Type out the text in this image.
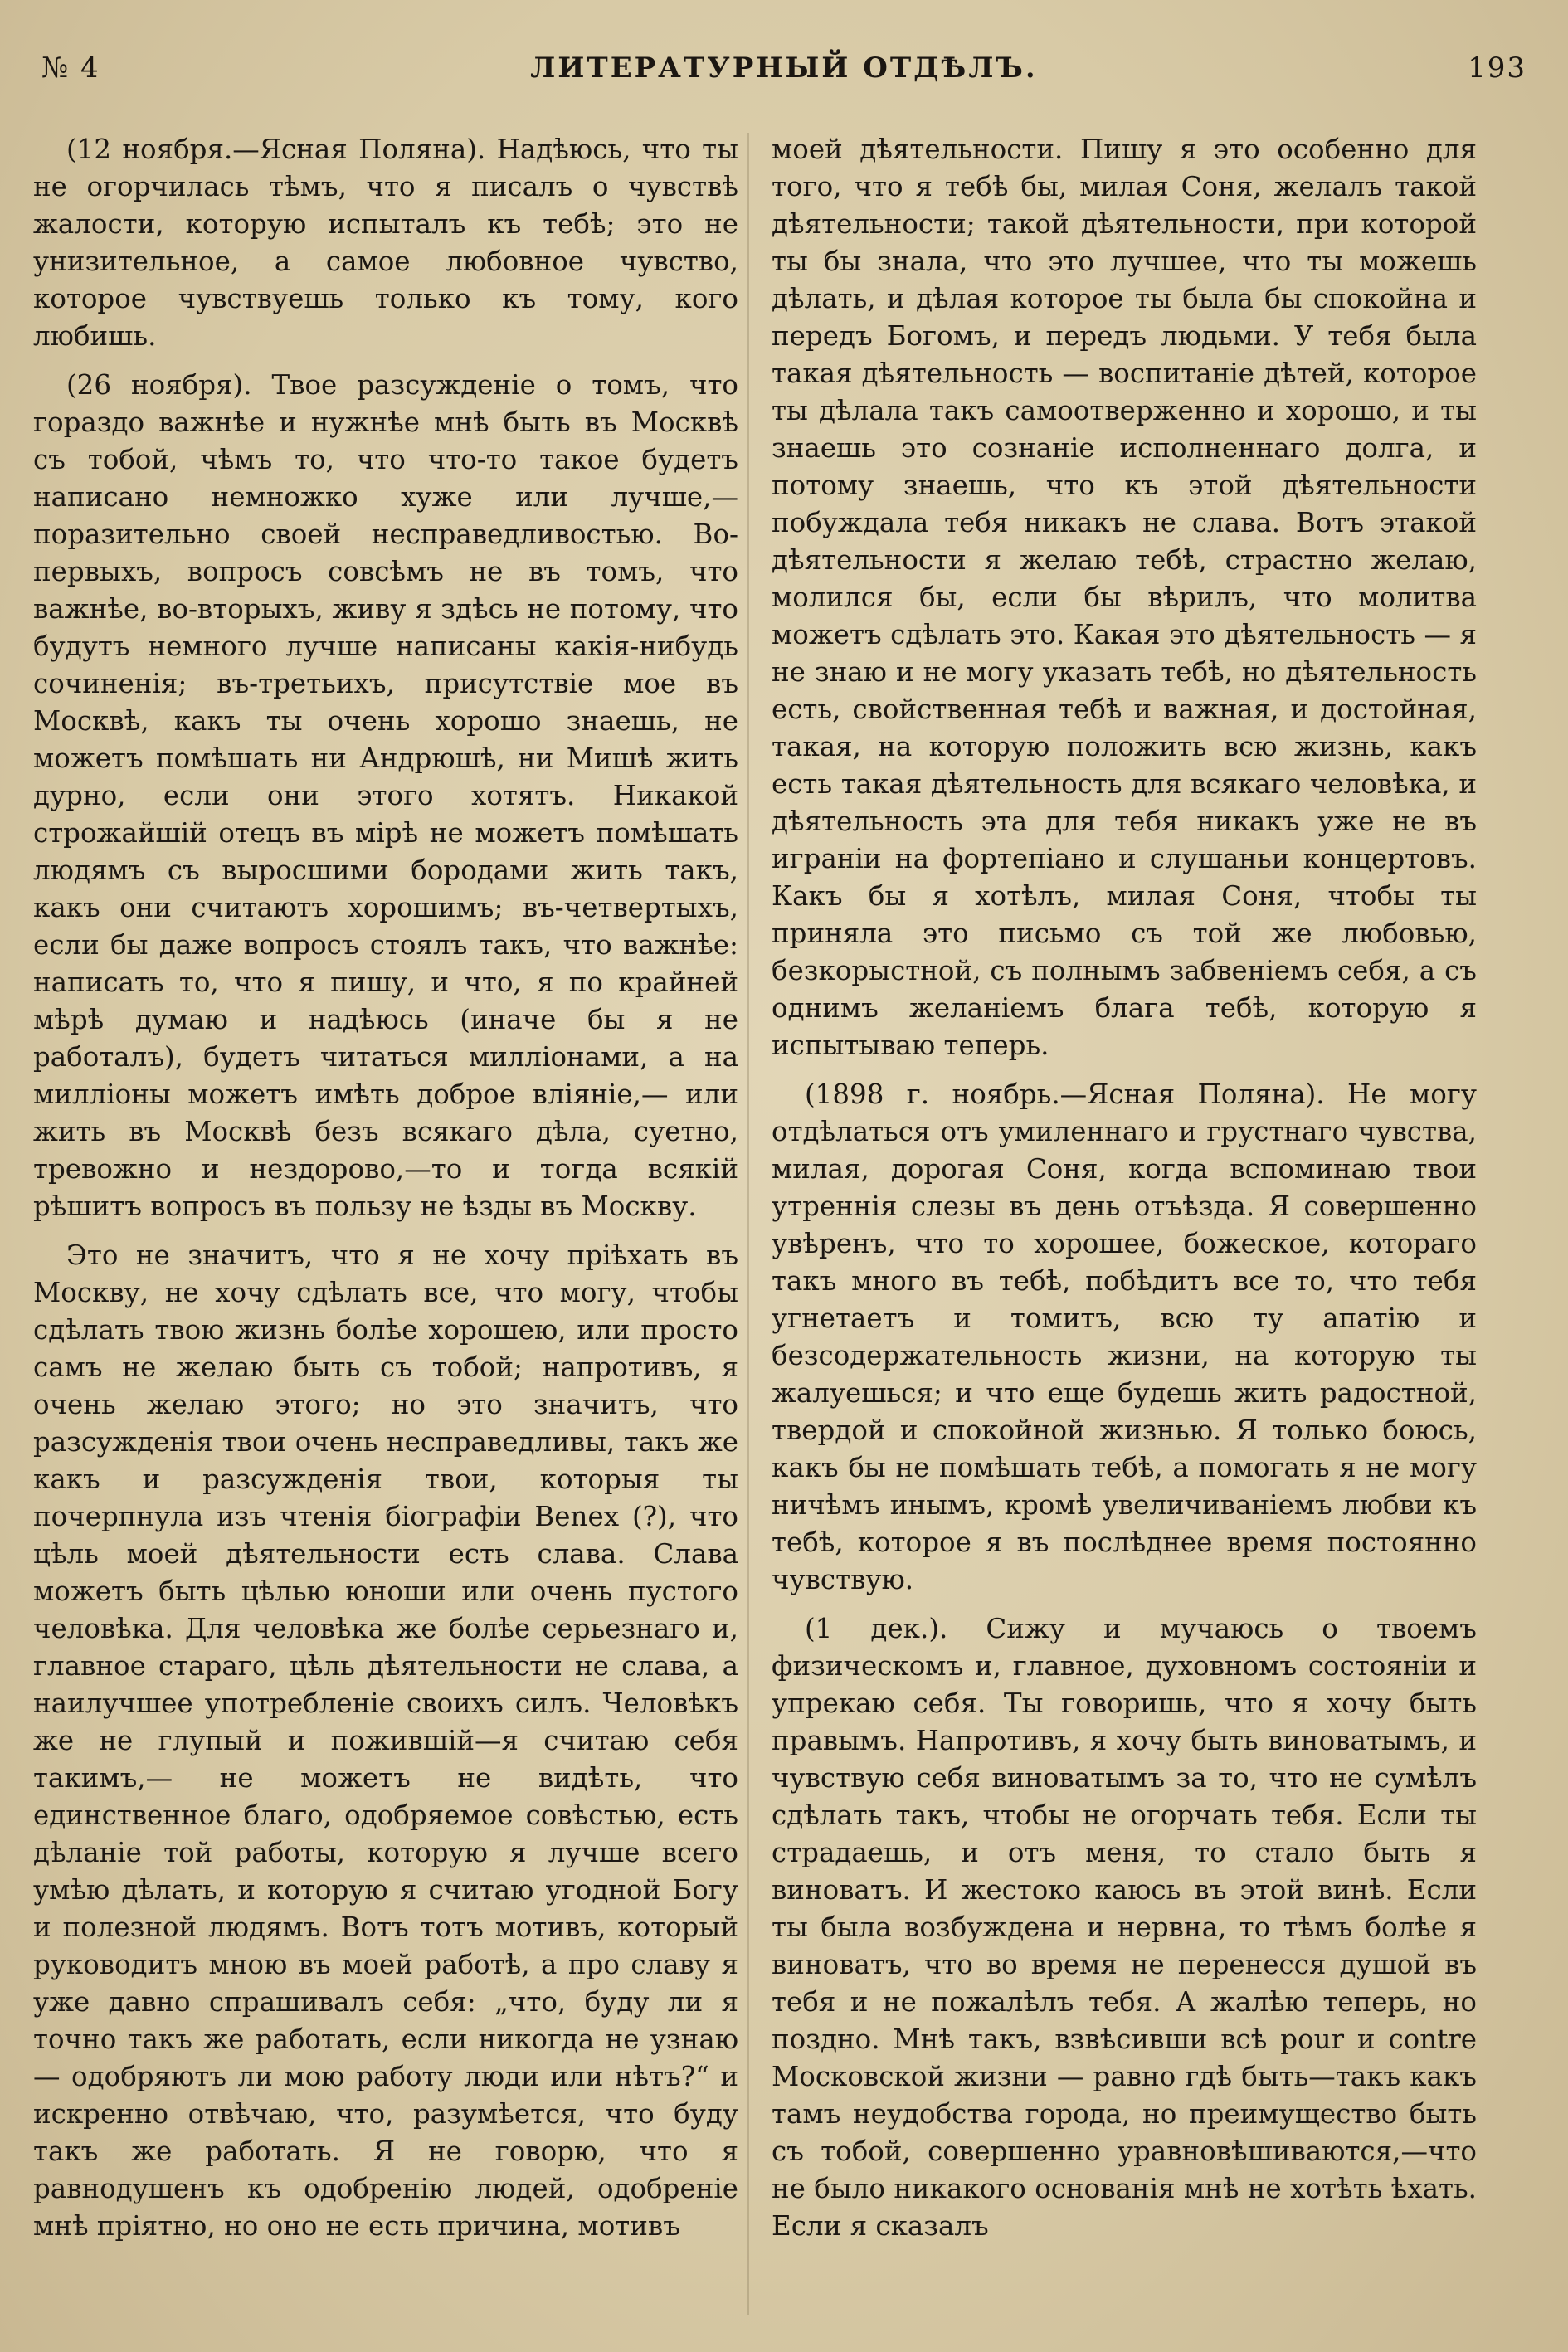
№ 4	ЛИТЕРАТУРНЫЙ ОТДѢЛЪ.	193

(12 ноября.—Ясная Поляна). Надѣюсь, что ты не огорчилась тѣмъ, что я писалъ о чувствѣ жалости, которую испыталъ къ тебѣ; это не унизительное, а самое любовное чувство, которое чувствуешь только къ тому, кого любишь.

(26 ноября). Твое разсужденіе о томъ, что гораздо важнѣе и нужнѣе мнѣ быть въ Москвѣ съ тобой, чѣмъ то, что что-то такое будетъ написано немножко хуже или лучше,— поразительно своей несправедливостью. Во-первыхъ, вопросъ совсѣмъ не въ томъ, что важнѣе, во-вторыхъ, живу я здѣсь не потому, что будутъ немного лучше написаны какія-нибудь сочиненія; въ-третьихъ, присутствіе мое въ Москвѣ, какъ ты очень хорошо знаешь, не можетъ помѣшать ни Андрюшѣ, ни Мишѣ жить дурно, если они этого хотятъ. Никакой строжайшій отецъ въ мірѣ не можетъ помѣшать людямъ съ выросшими бородами жить такъ, какъ они считаютъ хорошимъ; въ-четвертыхъ, если бы даже вопросъ стоялъ такъ, что важнѣе: написать то, что я пишу, и что, я по крайней мѣрѣ думаю и надѣюсь (иначе бы я не работалъ), будетъ читаться милліонами, а на милліоны можетъ имѣть доброе вліяніе,— или жить въ Москвѣ безъ всякаго дѣла, суетно, тревожно и нездорово,—то и тогда всякій рѣшитъ вопросъ въ пользу не ѣзды въ Москву.

Это не значитъ, что я не хочу пріѣхать въ Москву, не хочу сдѣлать все, что могу, чтобы сдѣлать твою жизнь болѣе хорошею, или просто самъ не желаю быть съ тобой; напротивъ, я очень желаю этого; но это значитъ, что разсужденія твои очень несправедливы, такъ же какъ и разсужденія твои, которыя ты почерпнула изъ чтенія біографіи Benex (?), что цѣль моей дѣятельности есть слава. Слава можетъ быть цѣлью юноши или очень пустого человѣка. Для человѣка же болѣе серьезнаго и, главное стараго, цѣль дѣятельности не слава, а наилучшее употребленіе своихъ силъ. Человѣкъ же не глупый и пожившій—я считаю себя такимъ,— не можетъ не видѣть, что единственное благо, одобряемое совѣстью, есть дѣланіе той работы, которую я лучше всего умѣю дѣлать, и которую я считаю угодной Богу и полезной людямъ. Вотъ тотъ мотивъ, который руководитъ мною въ моей работѣ, а про славу я уже давно спрашивалъ себя: „что, буду ли я точно такъ же работать, если никогда не узнаю — одобряютъ ли мою работу люди или нѣтъ?“ и искренно отвѣчаю, что, разумѣется, что буду такъ же работать. Я не говорю, что я равнодушенъ къ одобренію людей, одобреніе мнѣ пріятно, но оно не есть причина, мотивъ

моей дѣятельности. Пишу я это особенно для того, что я тебѣ бы, милая Соня, желалъ такой дѣятельности; такой дѣятельности, при которой ты бы знала, что это лучшее, что ты можешь дѣлать, и дѣлая которое ты была бы спокойна и передъ Богомъ, и передъ людьми. У тебя была такая дѣятельность — воспитаніе дѣтей, которое ты дѣлала такъ самоотверженно и хорошо, и ты знаешь это сознаніе исполненнаго долга, и потому знаешь, что къ этой дѣятельности побуждала тебя никакъ не слава. Вотъ этакой дѣятельности я желаю тебѣ, страстно желаю, молился бы, если бы вѣрилъ, что молитва можетъ сдѣлать это. Какая это дѣятельность — я не знаю и не могу указать тебѣ, но дѣятельность есть, свойственная тебѣ и важная, и достойная, такая, на которую положить всю жизнь, какъ есть такая дѣятельность для всякаго человѣка, и дѣятельность эта для тебя никакъ уже не въ игранiи на фортепіано и слушаньи концертовъ. Какъ бы я хотѣлъ, милая Соня, чтобы ты приняла это письмо съ той же любовью, безкорыстной, съ полнымъ забвеніемъ себя, а съ однимъ желаніемъ блага тебѣ, которую я испытываю теперь.

(1898 г. ноябрь.—Ясная Поляна). Не могу отдѣлаться отъ умиленнаго и грустнаго чувства, милая, дорогая Соня, когда вспоминаю твои утреннія слезы въ день отъѣзда. Я совершенно увѣренъ, что то хорошее, божеское, котораго такъ много въ тебѣ, побѣдитъ все то, что тебя угнетаетъ и томитъ, всю ту апатію и безсодержательность жизни, на которую ты жалуешься; и что еще будешь жить радостной, твердой и спокойной жизнью. Я только боюсь, какъ бы не помѣшать тебѣ, а помогать я не могу ничѣмъ инымъ, кромѣ увеличиваніемъ любви къ тебѣ, которое я въ послѣднее время постоянно чувствую.

(1 дек.). Сижу и мучаюсь о твоемъ физическомъ и, главное, духовномъ состояніи и упрекаю себя. Ты говоришь, что я хочу быть правымъ. Напротивъ, я хочу быть виноватымъ, и чувствую себя виноватымъ за то, что не сумѣлъ сдѣлать такъ, чтобы не огорчать тебя. Если ты страдаешь, и отъ меня, то стало быть я виноватъ. И жестоко каюсь въ этой винѣ. Если ты была возбуждена и нервна, то тѣмъ болѣе я виноватъ, что во время не перенесся душой въ тебя и не пожалѣлъ тебя. А жалѣю теперь, но поздно. Мнѣ такъ, взвѣсивши всѣ pour и contre Московской жизни — равно гдѣ быть—такъ какъ тамъ неудобства города, но преимущество быть съ тобой, совершенно уравновѣшиваются,—что не было никакого основанія мнѣ не хотѣть ѣхать. Если я сказалъ
